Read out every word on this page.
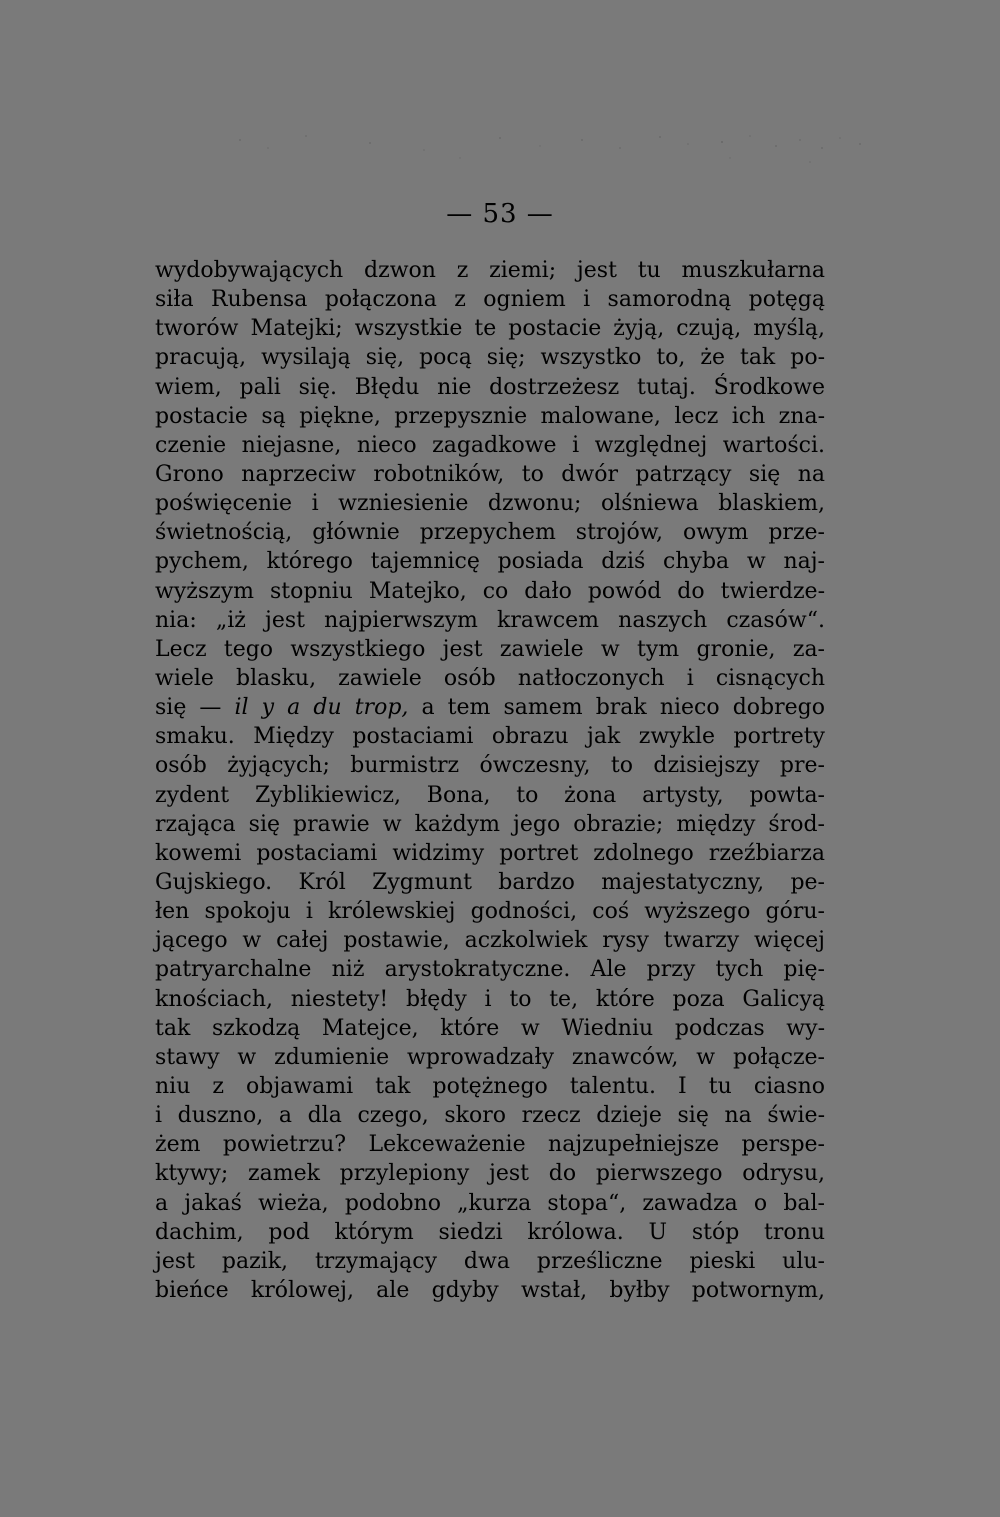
— 53 —
wydobywających dzwon z ziemi; jest tu muszkułarna
siła Rubensa połączona z ogniem i samorodną potęgą
tworów Matejki; wszystkie te postacie żyją, czują, myślą,
pracują, wysilają się, pocą się; wszystko to, że tak po-
wiem, pali się. Błędu nie dostrzeżesz tutaj. Środkowe
postacie są piękne, przepysznie malowane, lecz ich zna-
czenie niejasne, nieco zagadkowe i względnej wartości.
Grono naprzeciw robotników, to dwór patrzący się na
poświęcenie i wzniesienie dzwonu; olśniewa blaskiem,
świetnością, głównie przepychem strojów, owym prze-
pychem, którego tajemnicę posiada dziś chyba w naj-
wyższym stopniu Matejko, co dało powód do twierdze-
nia: „iż jest najpierwszym krawcem naszych czasów“.
Lecz tego wszystkiego jest zawiele w tym gronie, za-
wiele blasku, zawiele osób natłoczonych i cisnących
się — il y a du trop, a tem samem brak nieco dobrego
smaku. Między postaciami obrazu jak zwykle portrety
osób żyjących; burmistrz ówczesny, to dzisiejszy pre-
zydent Zyblikiewicz, Bona, to żona artysty, powta-
rzająca się prawie w każdym jego obrazie; między środ-
kowemi postaciami widzimy portret zdolnego rzeźbiarza
Gujskiego. Król Zygmunt bardzo majestatyczny, pe-
łen spokoju i królewskiej godności, coś wyższego góru-
jącego w całej postawie, aczkolwiek rysy twarzy więcej
patryarchalne niż arystokratyczne. Ale przy tych pię-
knościach, niestety! błędy i to te, które poza Galicyą
tak szkodzą Matejce, które w Wiedniu podczas wy-
stawy w zdumienie wprowadzały znawców, w połącze-
niu z objawami tak potężnego talentu. I tu ciasno
i duszno, a dla czego, skoro rzecz dzieje się na świe-
żem powietrzu? Lekceważenie najzupełniejsze perspe-
ktywy; zamek przylepiony jest do pierwszego odrysu,
a jakaś wieża, podobno „kurza stopa“, zawadza o bal-
dachim, pod którym siedzi królowa. U stóp tronu
jest pazik, trzymający dwa prześliczne pieski ulu-
bieńce królowej, ale gdyby wstał, byłby potwornym,
